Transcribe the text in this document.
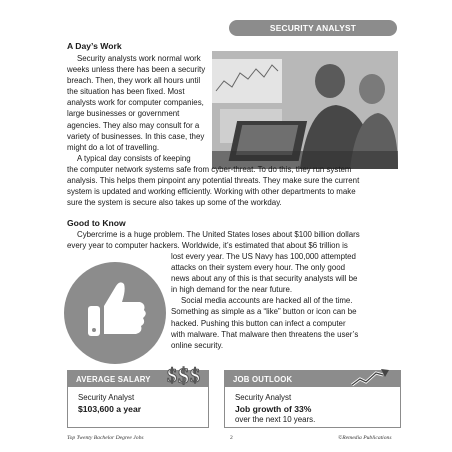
SECURITY ANALYST
A Day’s Work
Security analysts work normal work
weeks unless there has been a security
breach. Then, they work all hours until
the situation has been fixed. Most
analysts work for computer companies,
large businesses or government
agencies. They also may consult for a
variety of businesses. In this case, they
might do a lot of travelling.
A typical day consists of keeping
the computer network systems safe from cyber-threat. To do this, they run system
analysis. This helps them pinpoint any potential threats. They make sure the current
system is updated and working efficiently. Working with other departments to make
sure the system is secure also takes up some of the workday.
Good to Know
Cybercrime is a huge problem. The United States loses about $100 billion dollars
every year to computer hackers. Worldwide, it’s estimated that about $6 trillion is
lost every year. The US Navy has 100,000 attempted
attacks on their system every hour. The only good
news about any of this is that security analysts will be
in high demand for the near future.
Social media accounts are hacked all of the time.
Something as simple as a “like” button or icon can be
hacked. Pushing this button can infect a computer
with malware. That malware then threatens the user’s
online security.
AVERAGE SALARY
Security Analyst
$103,600 a year
$ $ $	JOB OUTLOOK
Security Analyst
Job growth of 33%
over the next 10 years.
Top Twenty Bachelor Degree Jobs	2	©Remedia Publications
